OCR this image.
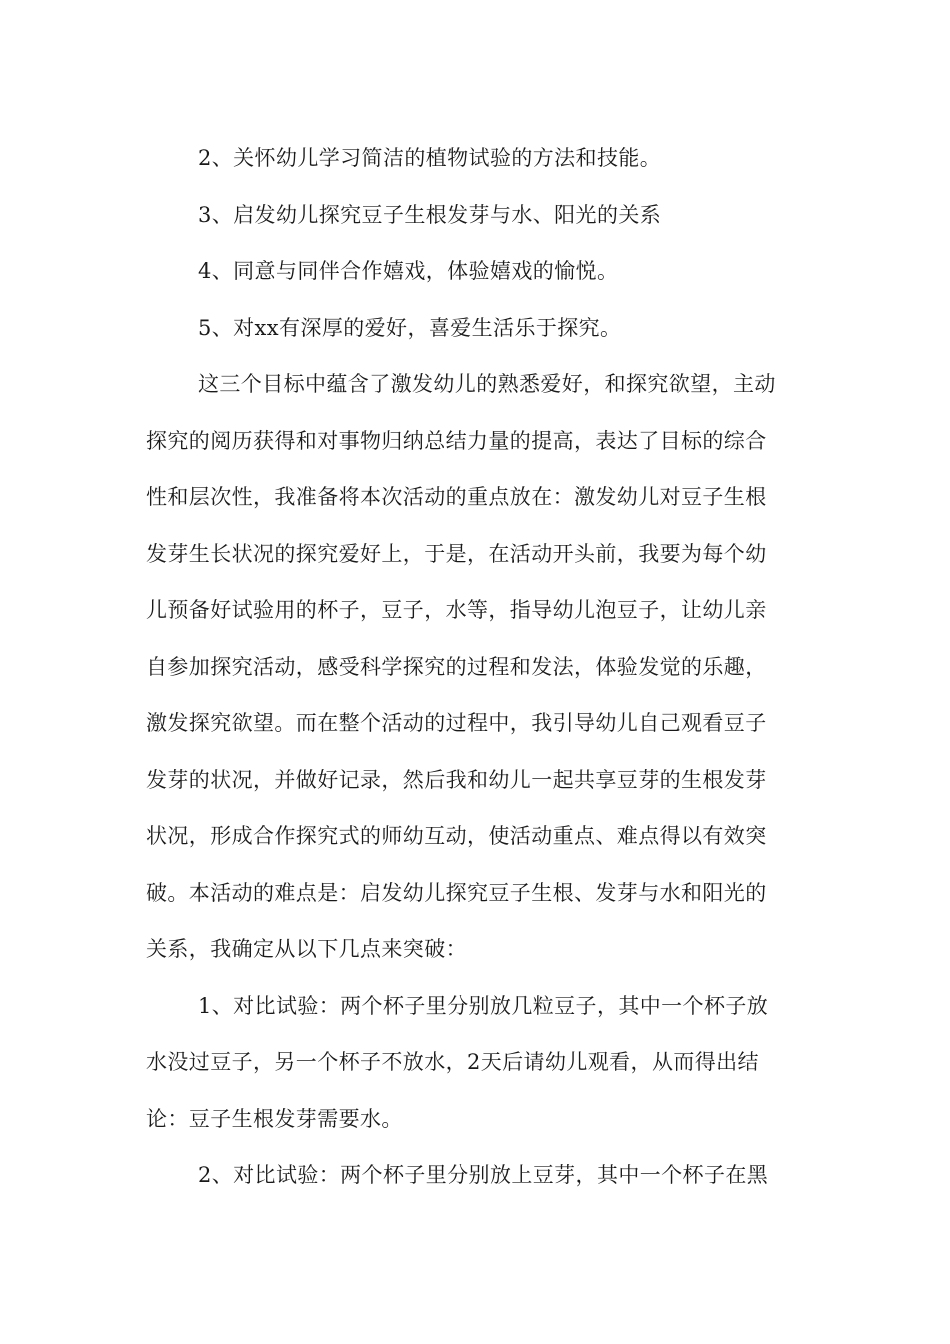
2、关怀幼儿学习简洁的植物试验的方法和技能。
3、启发幼儿探究豆子生根发芽与水、阳光的关系
4、同意与同伴合作嬉戏，体验嬉戏的愉悦。
5、对xx有深厚的爱好，喜爱生活乐于探究。
这三个目标中蕴含了激发幼儿的熟悉爱好，和探究欲望，主动
探究的阅历获得和对事物归纳总结力量的提高，表达了目标的综合
性和层次性，我准备将本次活动的重点放在：激发幼儿对豆子生根
发芽生长状况的探究爱好上，于是，在活动开头前，我要为每个幼
儿预备好试验用的杯子，豆子，水等，指导幼儿泡豆子，让幼儿亲
自参加探究活动，感受科学探究的过程和发法，体验发觉的乐趣，
激发探究欲望。而在整个活动的过程中，我引导幼儿自己观看豆子
发芽的状况，并做好记录，然后我和幼儿一起共享豆芽的生根发芽
状况，形成合作探究式的师幼互动，使活动重点、难点得以有效突
破。本活动的难点是：启发幼儿探究豆子生根、发芽与水和阳光的
关系，我确定从以下几点来突破：
1、对比试验：两个杯子里分别放几粒豆子，其中一个杯子放
水没过豆子，另一个杯子不放水，2天后请幼儿观看，从而得出结
论：豆子生根发芽需要水。
2、对比试验：两个杯子里分别放上豆芽，其中一个杯子在黑
